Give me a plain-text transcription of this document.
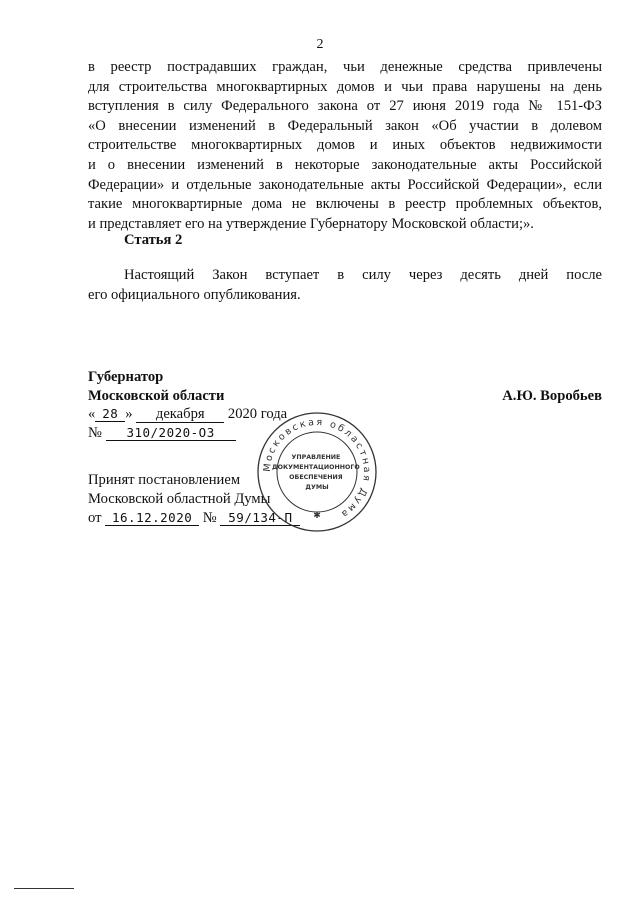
2
в реестр пострадавших граждан, чьи денежные средства привлечены
для строительства многоквартирных домов и чьи права нарушены на день
вступления в силу Федерального закона от 27 июня 2019 года № 151-ФЗ
«О внесении изменений в Федеральный закон «Об участии в долевом
строительстве многоквартирных домов и иных объектов недвижимости
и о внесении изменений в некоторые законодательные акты Российской
Федерации» и отдельные законодательные акты Российской Федерации», если
такие многоквартирные дома не включены в реестр проблемных объектов,
и представляет его на утверждение Губернатору Московской области;».
Статья 2
Настоящий Закон вступает в силу через десять дней после
его официального опубликования.
Губернатор
Московской области	А.Ю. Воробьев
« 28 » декабря 2020 года
№ 310/2020-ОЗ
Принят постановлением
Московской областной Думы
от 16.12.2020 № 59/134-П
Московская областная Дума
✱
УПРАВЛЕНИЕ ДОКУМЕНТАЦИОННОГО ОБЕСПЕЧЕНИЯ ДУМЫ
